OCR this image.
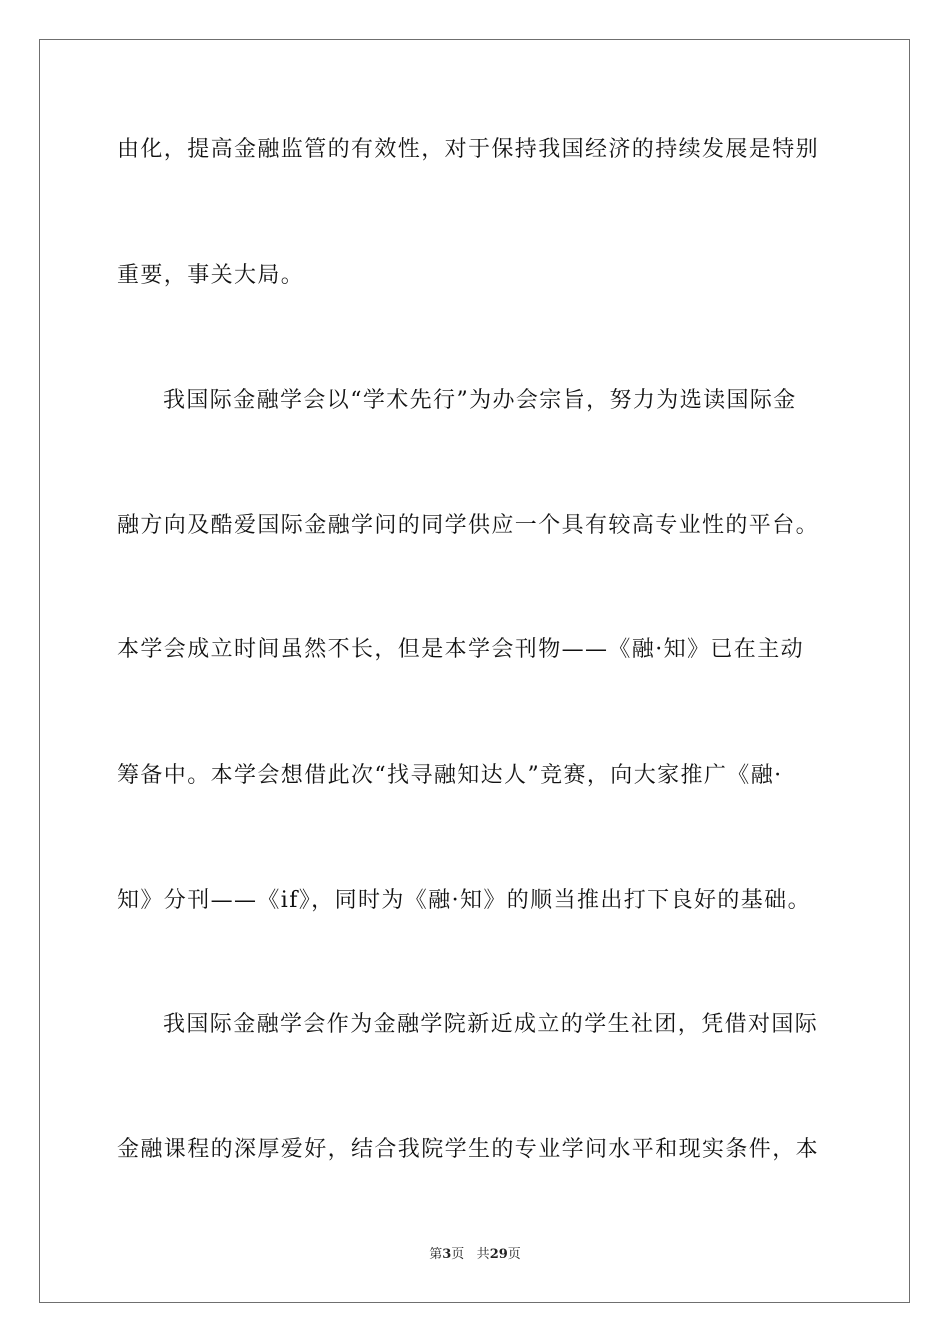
由化，提高金融监管的有效性，对于保持我国经济的持续发展是特别
重要，事关大局。
我国际金融学会以“学术先行”为办会宗旨，努力为选读国际金
融方向及酷爱国际金融学问的同学供应一个具有较高专业性的平台。
本学会成立时间虽然不长，但是本学会刊物——《融·知》已在主动
筹备中。本学会想借此次“找寻融知达人”竞赛，向大家推广《融·
知》分刊——《if》，同时为《融·知》的顺当推出打下良好的基础。
我国际金融学会作为金融学院新近成立的学生社团，凭借对国际
金融课程的深厚爱好，结合我院学生的专业学问水平和现实条件，本
第3页 共29页
